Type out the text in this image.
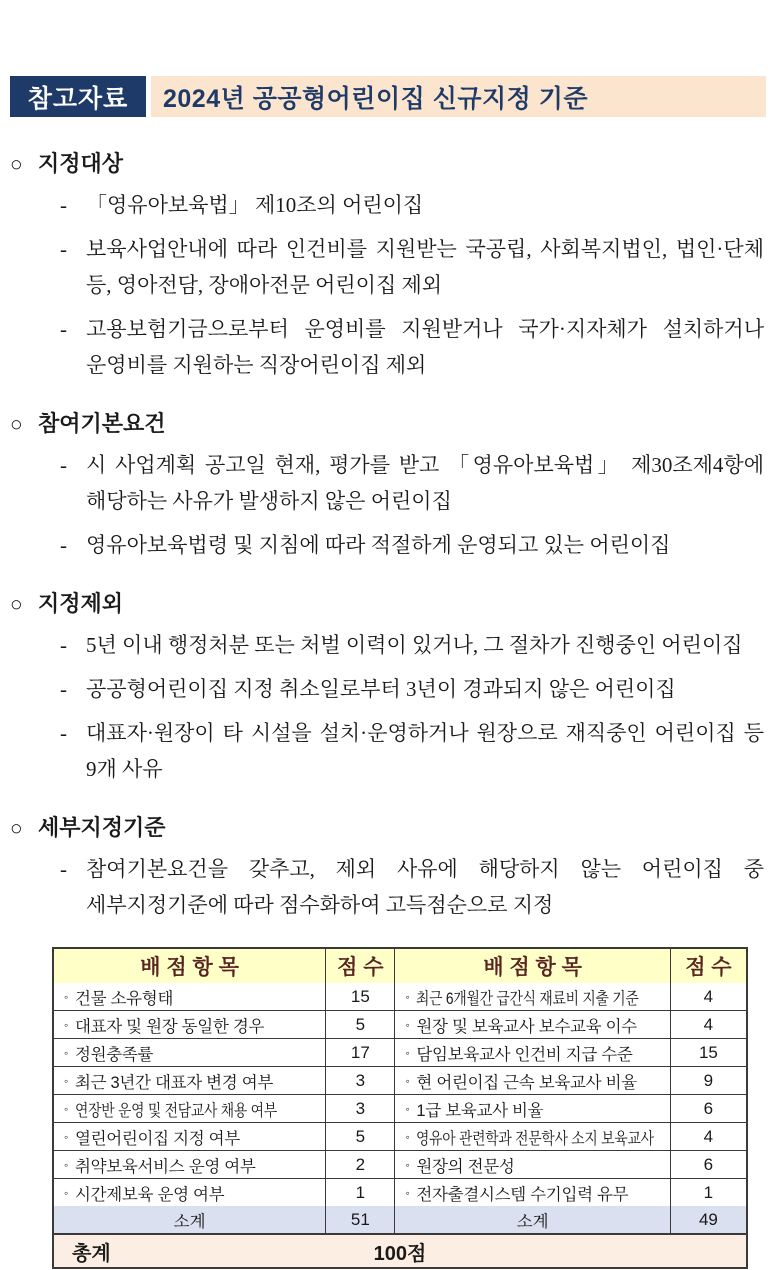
참고자료	2024년 공공형어린이집 신규지정 기준
○ 지정대상
- 「영유아보육법」 제10조의 어린이집
- 보육사업안내에 따라 인건비를 지원받는 국공립, 사회복지법인, 법인·단체 등, 영아전담, 장애아전문 어린이집 제외
- 고용보험기금으로부터 운영비를 지원받거나 국가·지자체가 설치하거나 운영비를 지원하는 직장어린이집 제외
○ 참여기본요건
- 시 사업계획 공고일 현재, 평가를 받고 「영유아보육법」 제30조제4항에 해당하는 사유가 발생하지 않은 어린이집
- 영유아보육법령 및 지침에 따라 적절하게 운영되고 있는 어린이집
○ 지정제외
- 5년 이내 행정처분 또는 처벌 이력이 있거나, 그 절차가 진행중인 어린이집
- 공공형어린이집 지정 취소일로부터 3년이 경과되지 않은 어린이집
- 대표자·원장이 타 시설을 설치·운영하거나 원장으로 재직중인 어린이집 등 9개 사유
○ 세부지정기준
- 참여기본요건을 갖추고, 제외 사유에 해당하지 않는 어린이집 중 세부지정기준에 따라 점수화하여 고득점순으로 지정
배 점 항 목	점 수	배 점 항 목	점 수
◦ 건물 소유형태	15	◦ 최근 6개월간 급간식 재료비 지출 기준	4
◦ 대표자 및 원장 동일한 경우	5	◦ 원장 및 보육교사 보수교육 이수	4
◦ 정원충족률	17	◦ 담임보육교사 인건비 지급 수준	15
◦ 최근 3년간 대표자 변경 여부	3	◦ 현 어린이집 근속 보육교사 비율	9
◦ 연장반 운영 및 전담교사 채용 여부	3	◦ 1급 보육교사 비율	6
◦ 열린어린이집 지정 여부	5	◦ 영유아 관련학과 전문학사 소지 보육교사	4
◦ 취약보육서비스 운영 여부	2	◦ 원장의 전문성	6
◦ 시간제보육 운영 여부	1	◦ 전자출결시스템 수기입력 유무	1
소계	51	소계	49
총계	100점
